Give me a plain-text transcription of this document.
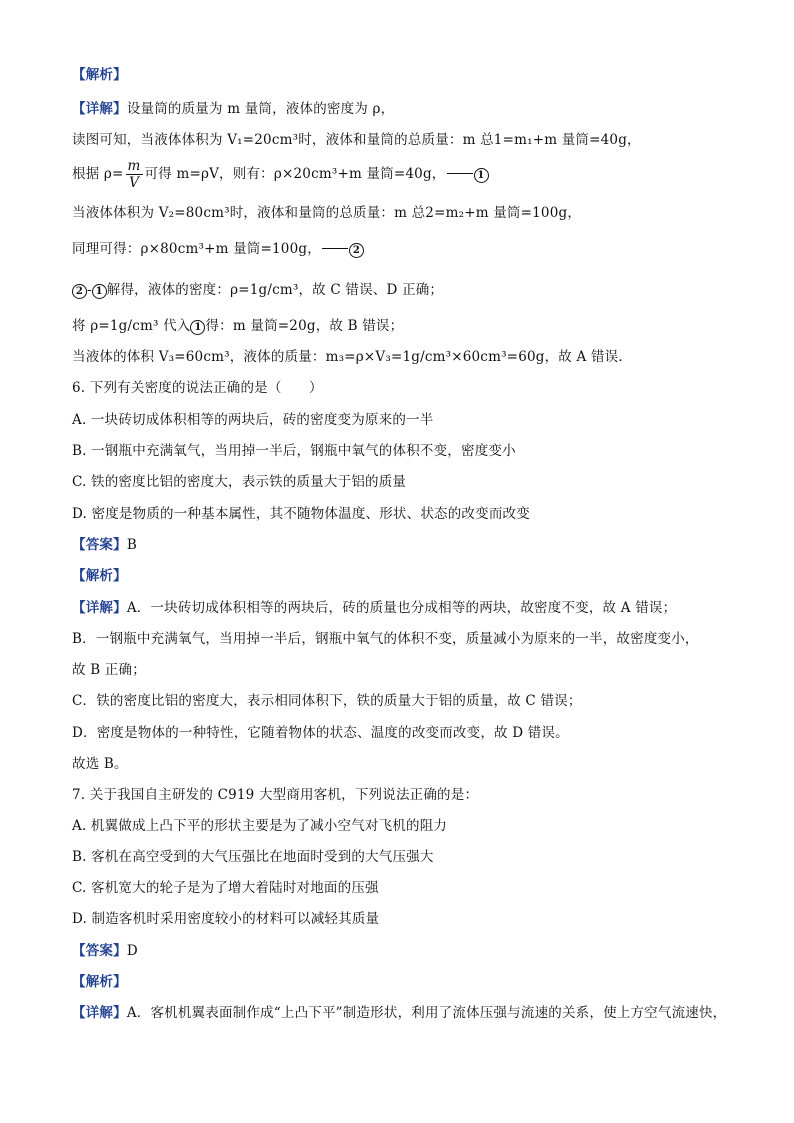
【解析】
【详解】设量筒的质量为 m 量筒，液体的密度为 ρ，
读图可知，当液体体积为 V₁=20cm³时，液体和量筒的总质量：m 总1=m₁+m 量筒=40g，
根据 $\rho= \frac{m}{V}$ 可得 m=ρV，则有：ρ×20cm³+m 量筒=40g，	1
当液体体积为 V₂=80cm³时，液体和量筒的总质量：m 总2=m₂+m 量筒=100g，
同理可得：ρ×80cm³+m 量筒=100g，	2
2 - 1 解得，液体的密度：ρ=1g/cm³，故 C 错误、D 正确；
将 ρ=1g/cm³ 代入 1 得：m 量筒=20g，故 B 错误；
当液体的体积 V₃=60cm³，液体的质量：m₃=ρ×V₃=1g/cm³×60cm³=60g，故 A 错误．
6. 下列有关密度的说法正确的是（　　）
A. 一块砖切成体积相等的两块后，砖的密度变为原来的一半
B. 一钢瓶中充满氧气，当用掉一半后，钢瓶中氧气的体积不变，密度变小
C. 铁的密度比铝的密度大，表示铁的质量大于铝的质量
D. 密度是物质的一种基本属性，其不随物体温度、形状、状态的改变而改变
【答案】B
【解析】
【详解】A．一块砖切成体积相等的两块后，砖的质量也分成相等的两块，故密度不变，故 A 错误；
B．一钢瓶中充满氧气，当用掉一半后，钢瓶中氧气的体积不变，质量减小为原来的一半，故密度变小，
故 B 正确；
C．铁的密度比铝的密度大，表示相同体积下，铁的质量大于铝的质量，故 C 错误；
D．密度是物体的一种特性，它随着物体的状态、温度的改变而改变，故 D 错误。
故选 B。
7. 关于我国自主研发的 C919 大型商用客机，下列说法正确的是：
A. 机翼做成上凸下平的形状主要是为了减小空气对飞机的阻力
B. 客机在高空受到的大气压强比在地面时受到的大气压强大
C. 客机宽大的轮子是为了增大着陆时对地面的压强
D. 制造客机时采用密度较小的材料可以减轻其质量
【答案】D
【解析】
【详解】A．客机机翼表面制作成“上凸下平”制造形状，利用了流体压强与流速的关系，使上方空气流速快，
